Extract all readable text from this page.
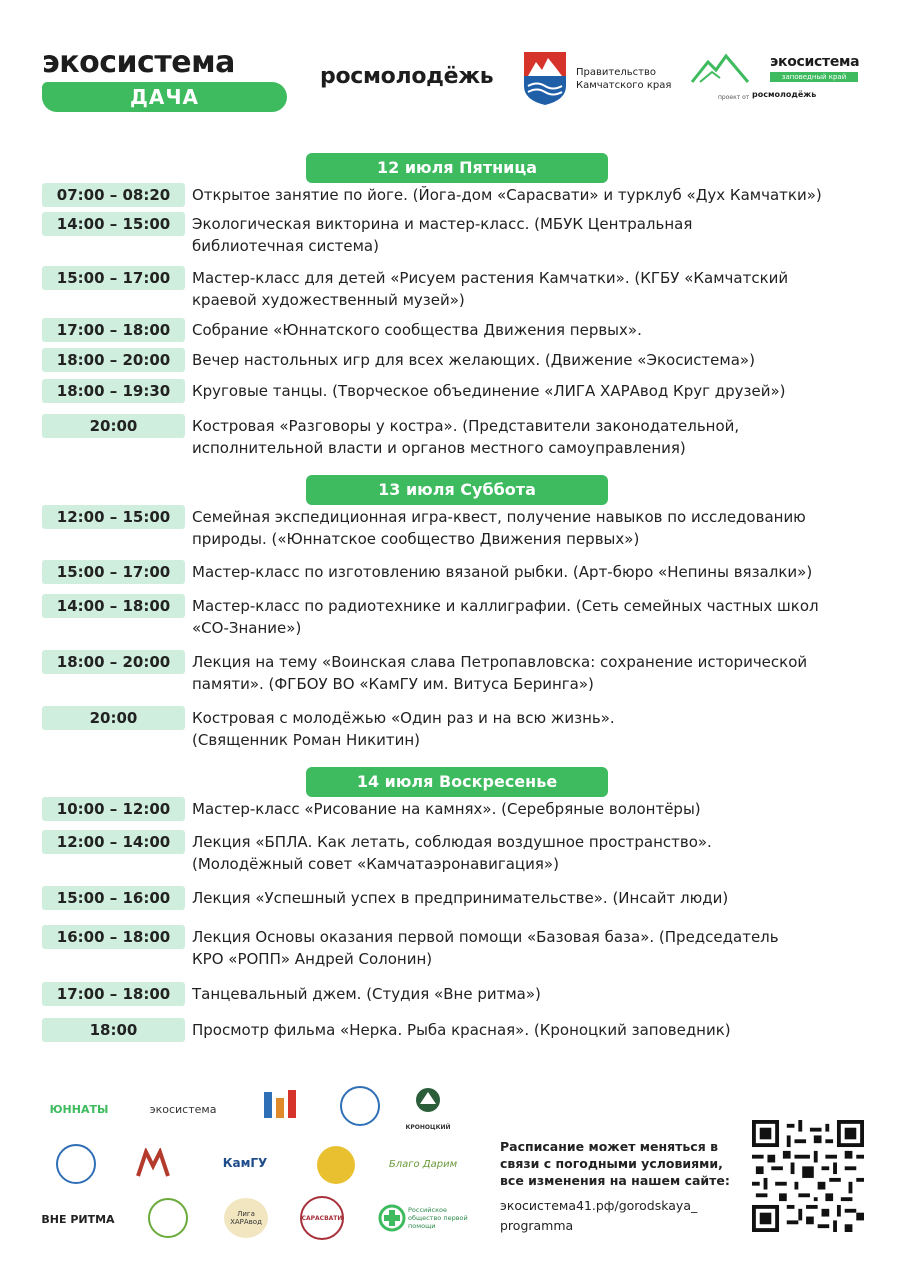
экосистема
ДАЧА
росмолодёжь	Правительство
Камчатского края
экосистема
заповедный край
проект от росмолодёжь
12 июля Пятница
07:00 – 08:20	Открытое занятие по йоге. (Йога-дом «Сарасвати» и турклуб «Дух Камчатки»)
14:00 – 15:00	Экологическая викторина и мастер-класс. (МБУК Центральная
библиотечная система)
15:00 – 17:00	Мастер-класс для детей «Рисуем растения Камчатки». (КГБУ «Камчатский
краевой художественный музей»)
17:00 – 18:00	Собрание «Юннатского сообщества Движения первых».
18:00 – 20:00	Вечер настольных игр для всех желающих. (Движение «Экосистема»)
18:00 – 19:30	Круговые танцы. (Творческое объединение «ЛИГА ХАРАвод Круг друзей»)
20:00	Костровая «Разговоры у костра». (Представители законодательной,
исполнительной власти и органов местного самоуправления)
13 июля Суббота
12:00 – 15:00	Семейная экспедиционная игра-квест, получение навыков по исследованию
природы. («Юннатское сообщество Движения первых»)
15:00 – 17:00	Мастер-класс по изготовлению вязаной рыбки. (Арт-бюро «Непины вязалки»)
14:00 – 18:00	Мастер-класс по радиотехнике и каллиграфии. (Сеть семейных частных школ
«СО-Знание»)
18:00 – 20:00	Лекция на тему «Воинская слава Петропавловска: сохранение исторической
памяти». (ФГБОУ ВО «КамГУ им. Витуса Беринга»)
20:00	Костровая с молодёжью «Один раз и на всю жизнь».
(Священник Роман Никитин)
14 июля Воскресенье
10:00 – 12:00	Мастер-класс «Рисование на камнях». (Серебряные волонтёры)
12:00 – 14:00	Лекция «БПЛА. Как летать, соблюдая воздушное пространство».
(Молодёжный совет «Камчатаэронавигация»)
15:00 – 16:00	Лекция «Успешный успех в предпринимательстве». (Инсайт люди)
16:00 – 18:00	Лекция Основы оказания первой помощи «Базовая база». (Председатель
КРО «РОПП» Андрей Солонин)
17:00 – 18:00	Танцевальный джем. (Студия «Вне ритма»)
18:00	Просмотр фильма «Нерка. Рыба красная». (Кроноцкий заповедник)
ЮННАТЫ	экосистема
КРОНОЦКИЙ
КамГУ	Благо Дарим
ВНЕ РИТМА	Лига ХАРАвод	САРАСВАТИ
Российское общество первой помощи
Расписание может меняться в связи с погодными условиями, все изменения на нашем сайте:
экосистема41.рф/gorodskaya_
programma
